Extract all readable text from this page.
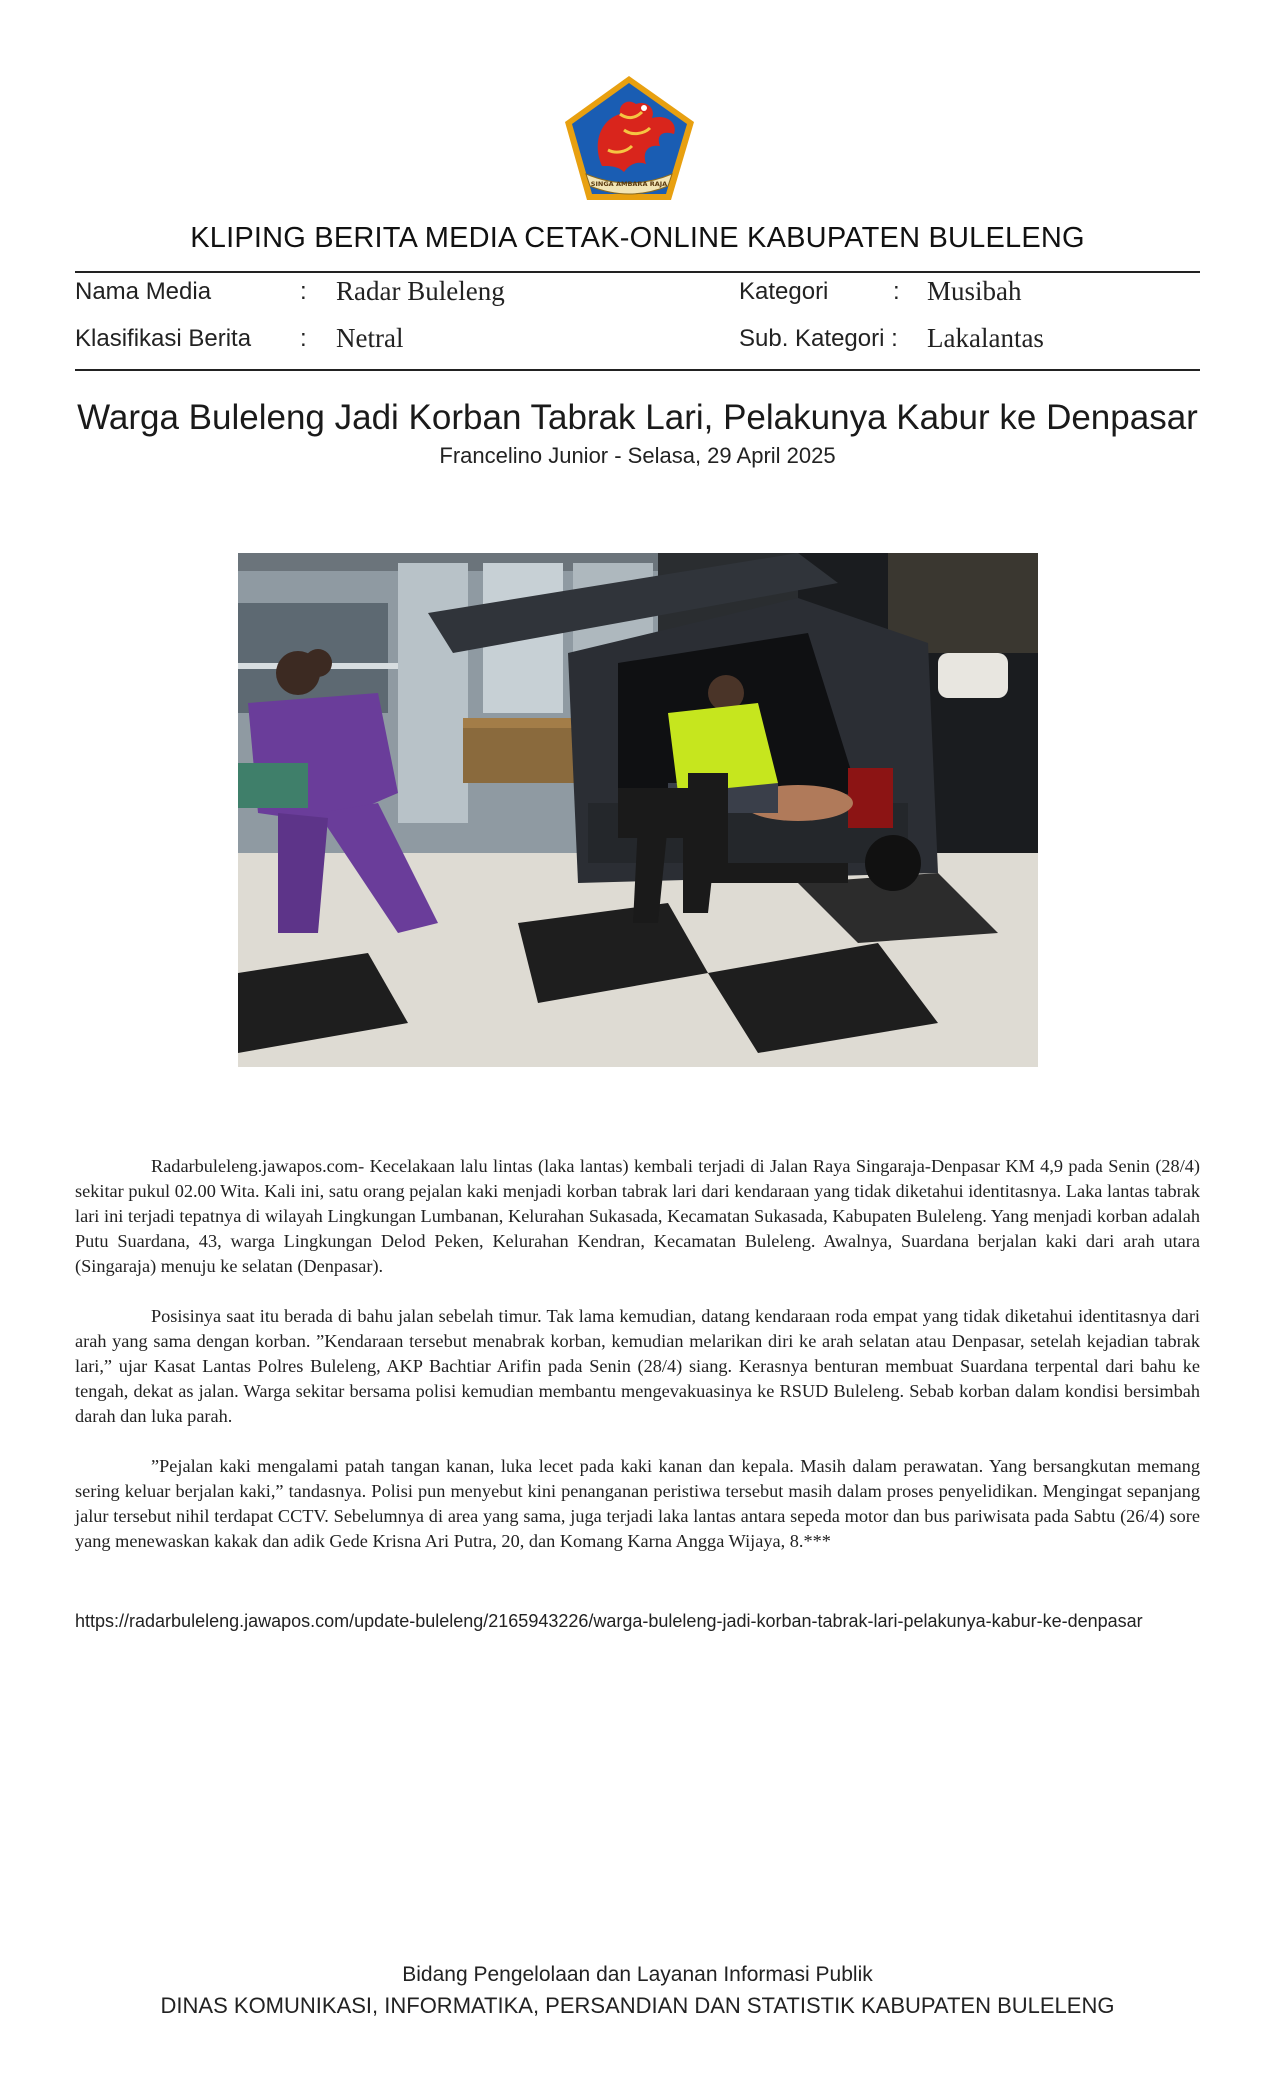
SINGA AMBARA RAJA
KLIPING BERITA MEDIA CETAK-ONLINE KABUPATEN BULELENG
Nama Media	: Radar Buleleng
Klasifikasi Berita : Netral
Kategori	: Musibah
Sub. Kategori : Lakalantas
Warga Buleleng Jadi Korban Tabrak Lari, Pelakunya Kabur ke Denpasar
Francelino Junior - Selasa, 29 April 2025

Radarbuleleng.jawapos.com- Kecelakaan lalu lintas (laka lantas) kembali terjadi di Jalan Raya Singaraja-Denpasar KM 4,9 pada Senin (28/4) sekitar pukul 02.00 Wita. Kali ini, satu orang pejalan kaki menjadi korban tabrak lari dari kendaraan yang tidak diketahui identitasnya. Laka lantas tabrak lari ini terjadi tepatnya di wilayah Lingkungan Lumbanan, Kelurahan Sukasada, Kecamatan Sukasada, Kabupaten Buleleng. Yang menjadi korban adalah Putu Suardana, 43, warga Lingkungan Delod Peken, Kelurahan Kendran, Kecamatan Buleleng. Awalnya, Suardana berjalan kaki dari arah utara (Singaraja) menuju ke selatan (Denpasar).

Posisinya saat itu berada di bahu jalan sebelah timur. Tak lama kemudian, datang kendaraan roda empat yang tidak diketahui identitasnya dari arah yang sama dengan korban. ”Kendaraan tersebut menabrak korban, kemudian melarikan diri ke arah selatan atau Denpasar, setelah kejadian tabrak lari,” ujar Kasat Lantas Polres Buleleng, AKP Bachtiar Arifin pada Senin (28/4) siang. Kerasnya benturan membuat Suardana terpental dari bahu ke tengah, dekat as jalan. Warga sekitar bersama polisi kemudian membantu mengevakuasinya ke RSUD Buleleng. Sebab korban dalam kondisi bersimbah darah dan luka parah.

”Pejalan kaki mengalami patah tangan kanan, luka lecet pada kaki kanan dan kepala. Masih dalam perawatan. Yang bersangkutan memang sering keluar berjalan kaki,” tandasnya. Polisi pun menyebut kini penanganan peristiwa tersebut masih dalam proses penyelidikan. Mengingat sepanjang jalur tersebut nihil terdapat CCTV. Sebelumnya di area yang sama, juga terjadi laka lantas antara sepeda motor dan bus pariwisata pada Sabtu (26/4) sore yang menewaskan kakak dan adik Gede Krisna Ari Putra, 20, dan Komang Karna Angga Wijaya, 8.***

https://radarbuleleng.jawapos.com/update-buleleng/2165943226/warga-buleleng-jadi-korban-tabrak-lari-pelakunya-kabur-ke-denpasar
Bidang Pengelolaan dan Layanan Informasi Publik
DINAS KOMUNIKASI, INFORMATIKA, PERSANDIAN DAN STATISTIK KABUPATEN BULELENG
